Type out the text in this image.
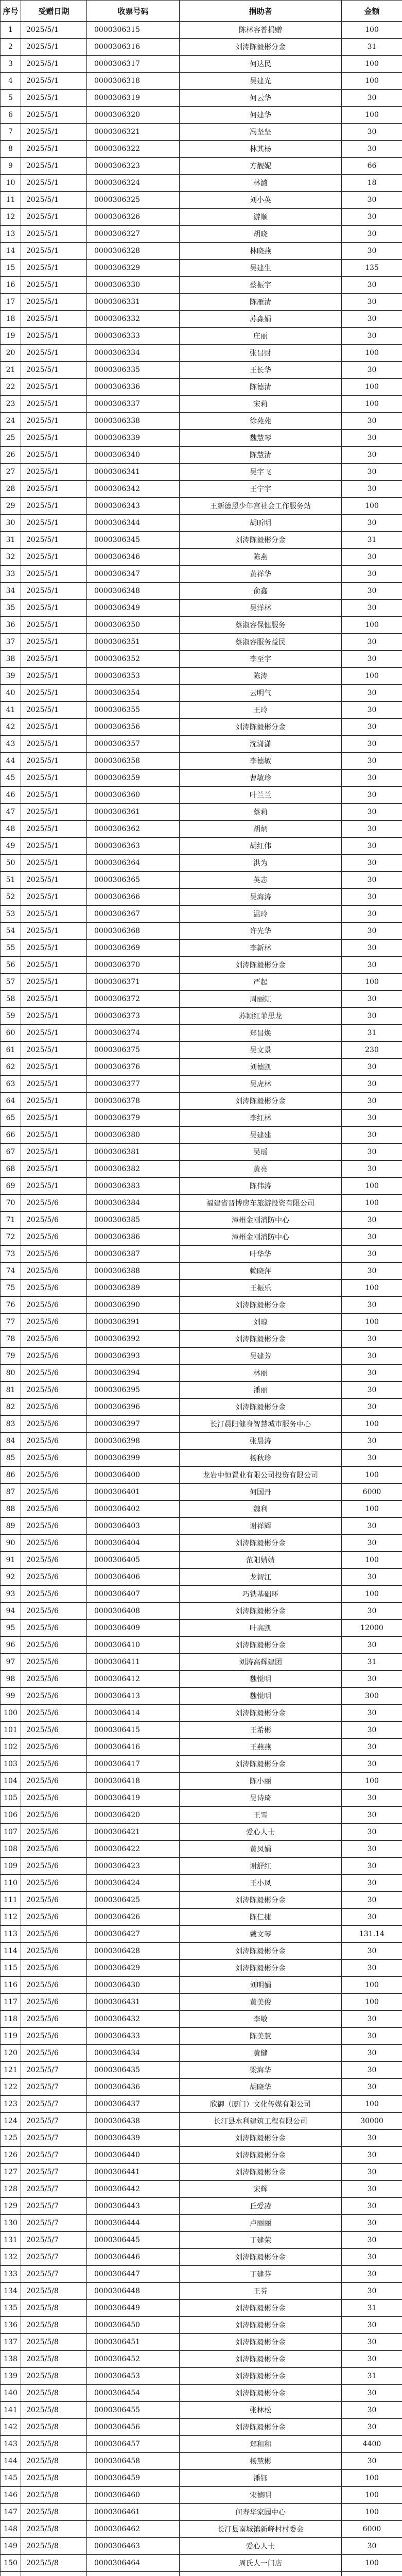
序号	受赠日期	收票号码	捐助者	金额
1	2025/5/1	0000306315	陈林容普捐赠	100
2	2025/5/1	0000306316	刘涛陈毅彬分金	31
3	2025/5/1	0000306317	何达民	100
4	2025/5/1	0000306318	吴建光	100
5	2025/5/1	0000306319	何云华	30
6	2025/5/1	0000306320	何建华	100
7	2025/5/1	0000306321	冯坚坚	30
8	2025/5/1	0000306322	林其杨	30
9	2025/5/1	0000306323	方靓妮	66
10	2025/5/1	0000306324	林潞	18
11	2025/5/1	0000306325	刘小英	30
12	2025/5/1	0000306326	游顺	30
13	2025/5/1	0000306327	胡晓	30
14	2025/5/1	0000306328	林晓燕	30
15	2025/5/1	0000306329	吴建生	135
16	2025/5/1	0000306330	蔡振宇	30
17	2025/5/1	0000306331	陈雁清	30
18	2025/5/1	0000306332	苏淼娟	30
19	2025/5/1	0000306333	庄丽	30
20	2025/5/1	0000306334	张昌财	100
21	2025/5/1	0000306335	王长华	30
22	2025/5/1	0000306336	陈德清	100
23	2025/5/1	0000306337	宋莉	100
24	2025/5/1	0000306338	徐苑苑	30
25	2025/5/1	0000306339	魏慧琴	30
26	2025/5/1	0000306340	陈慧清	30
27	2025/5/1	0000306341	吴宇飞	30
28	2025/5/1	0000306342	王宁宇	30
29	2025/5/1	0000306343	王新德恩少年宫社会工作服务站	100
30	2025/5/1	0000306344	胡昕明	30
31	2025/5/1	0000306345	刘涛陈毅彬分金	31
32	2025/5/1	0000306346	陈燕	30
33	2025/5/1	0000306347	黄祥华	30
34	2025/5/1	0000306348	俞鑫	30
35	2025/5/1	0000306349	吴洋林	30
36	2025/5/1	0000306350	蔡淑容保健服务	100
37	2025/5/1	0000306351	蔡淑容服务益民	30
38	2025/5/1	0000306352	李至宇	30
39	2025/5/1	0000306353	陈涛	100
40	2025/5/1	0000306354	云明气	30
41	2025/5/1	0000306355	王玲	30
42	2025/5/1	0000306356	刘涛陈毅彬分金	30
43	2025/5/1	0000306357	沈潇潇	30
44	2025/5/1	0000306358	李德敏	30
45	2025/5/1	0000306359	曹敏珍	30
46	2025/5/1	0000306360	叶兰兰	30
47	2025/5/1	0000306361	蔡莉	30
48	2025/5/1	0000306362	胡炳	30
49	2025/5/1	0000306363	胡红伟	30
50	2025/5/1	0000306364	洪为	30
51	2025/5/1	0000306365	英志	30
52	2025/5/1	0000306366	吴海涛	30
53	2025/5/1	0000306367	温玲	30
54	2025/5/1	0000306368	许光华	30
55	2025/5/1	0000306369	李新林	30
56	2025/5/1	0000306370	刘涛陈毅彬分金	30
57	2025/5/1	0000306371	严起	100
58	2025/5/1	0000306372	周丽虹	30
59	2025/5/1	0000306373	苏颖红菲思龙	30
60	2025/5/1	0000306374	郑昌焕	31
61	2025/5/1	0000306375	吴文景	230
62	2025/5/1	0000306376	刘德凯	30
63	2025/5/1	0000306377	吴虎林	30
64	2025/5/1	0000306378	刘涛陈毅彬分金	30
65	2025/5/1	0000306379	李红林	30
66	2025/5/1	0000306380	吴建建	30
67	2025/5/1	0000306381	吴瑶	30
68	2025/5/1	0000306382	黄亮	30
69	2025/5/1	0000306383	陈伟涛	100
70	2025/5/6	0000306384	福建省晋博房车旅游投资有限公司	100
71	2025/5/6	0000306385	漳州金刚消防中心	30
72	2025/5/6	0000306386	漳州金刚消防中心	30
73	2025/5/6	0000306387	叶华华	30
74	2025/5/6	0000306388	赖晓萍	30
75	2025/5/6	0000306389	王振乐	100
76	2025/5/6	0000306390	刘涛陈毅彬分金	30
77	2025/5/6	0000306391	刘琼	100
78	2025/5/6	0000306392	刘涛陈毅彬分金	30
79	2025/5/6	0000306393	吴建芳	30
80	2025/5/6	0000306394	林丽	30
81	2025/5/6	0000306395	潘丽	30
82	2025/5/6	0000306396	刘涛陈毅彬分金	30
83	2025/5/6	0000306397	长汀晨阳健身智慧城市服务中心	100
84	2025/5/6	0000306398	张晨涛	30
85	2025/5/6	0000306399	杨秋珍	30
86	2025/5/6	0000306400	龙岩中恒置业有限公司投资有限公司	100
87	2025/5/6	0000306401	何国丹	6000
88	2025/5/6	0000306402	魏利	100
89	2025/5/6	0000306403	谢祥辉	30
90	2025/5/6	0000306404	刘涛陈毅彬分金	30
91	2025/5/6	0000306405	范阳婧婧	100
92	2025/5/6	0000306406	龙智江	30
93	2025/5/6	0000306407	巧铁基础环	100
94	2025/5/6	0000306408	刘涛陈毅彬分金	30
95	2025/5/6	0000306409	叶高凯	12000
96	2025/5/6	0000306410	刘涛陈毅彬分金	30
97	2025/5/6	0000306411	刘涛高辉建团	31
98	2025/5/6	0000306412	魏悦明	30
99	2025/5/6	0000306413	魏悦明	300
100	2025/5/6	0000306414	刘涛陈毅彬分金	30
101	2025/5/6	0000306415	王希彬	30
102	2025/5/6	0000306416	王燕燕	30
103	2025/5/6	0000306417	刘涛陈毅彬分金	30
104	2025/5/6	0000306418	陈小丽	100
105	2025/5/6	0000306419	吴诗琦	30
106	2025/5/6	0000306420	王雪	30
107	2025/5/6	0000306421	爱心人士	30
108	2025/5/6	0000306422	黄凤娟	30
109	2025/5/6	0000306423	谢舒红	30
110	2025/5/6	0000306424	王小凤	30
111	2025/5/6	0000306425	刘涛陈毅彬分金	30
112	2025/5/6	0000306426	陈仁捷	30
113	2025/5/6	0000306427	戴文琴	131.14
114	2025/5/6	0000306428	刘涛陈毅彬分金	30
115	2025/5/6	0000306429	刘涛陈毅彬分金	30
116	2025/5/6	0000306430	刘明娟	100
117	2025/5/6	0000306431	黄美俊	100
118	2025/5/6	0000306432	李敏	30
119	2025/5/6	0000306433	陈美慧	30
120	2025/5/6	0000306434	黄健	30
121	2025/5/7	0000306435	梁海华	30
122	2025/5/7	0000306436	胡晓华	30
123	2025/5/7	0000306437	欣御（厦门）文化传媒有限公司	100
124	2025/5/7	0000306438	长汀县水利建筑工程有限公司	30000
125	2025/5/7	0000306439	刘涛陈毅彬分金	30
126	2025/5/7	0000306440	刘涛陈毅彬分金	30
127	2025/5/7	0000306441	刘涛陈毅彬分金	30
128	2025/5/7	0000306442	宋辉	30
129	2025/5/7	0000306443	丘爱凌	30
130	2025/5/7	0000306444	卢丽丽	30
131	2025/5/7	0000306445	丁建荣	30
132	2025/5/7	0000306446	刘涛陈毅彬分金	30
133	2025/5/7	0000306447	丁建芬	30
134	2025/5/8	0000306448	王芬	30
135	2025/5/8	0000306449	刘涛陈毅彬分金	31
136	2025/5/8	0000306450	刘涛陈毅彬分金	30
137	2025/5/8	0000306451	刘涛陈毅彬分金	30
138	2025/5/8	0000306452	刘涛陈毅彬分金	30
139	2025/5/8	0000306453	刘涛陈毅彬分金	31
140	2025/5/8	0000306454	刘涛陈毅彬分金	30
141	2025/5/8	0000306455	张林松	30
142	2025/5/8	0000306456	刘涛陈毅彬分金	30
143	2025/5/8	0000306457	郑和和	4400
144	2025/5/8	0000306458	杨慧彬	30
145	2025/5/8	0000306459	潘钰	100
146	2025/5/8	0000306460	宋德明	100
147	2025/5/8	0000306461	何寿华家园中心	100
148	2025/5/8	0000306462	长汀县南城镇新峰村村委会	6000
149	2025/5/8	0000306463	爱心人士	30
150	2025/5/8	0000306464	周氏人一门店	100
